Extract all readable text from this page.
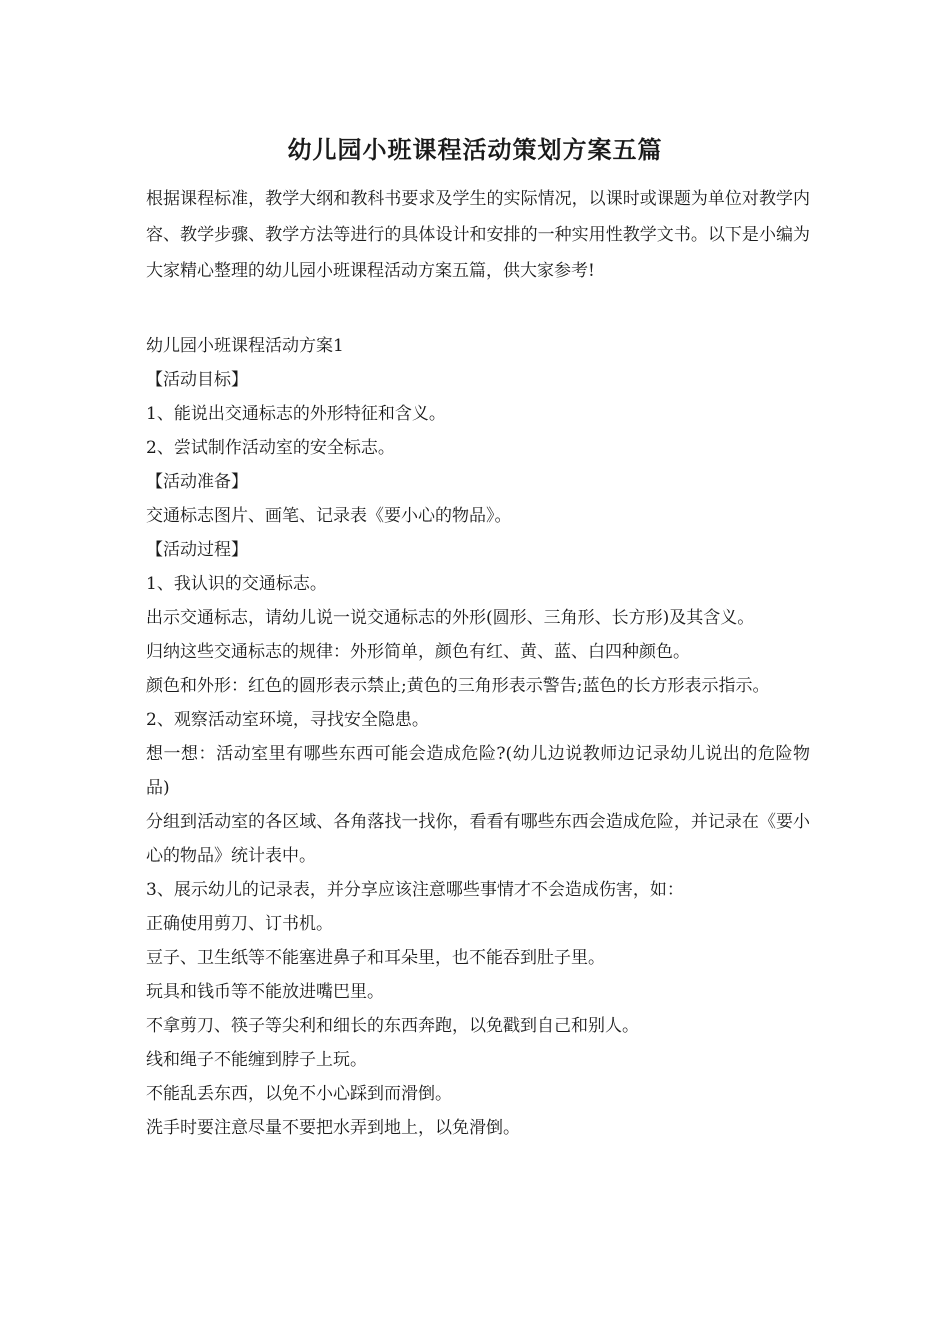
幼儿园小班课程活动策划方案五篇

根据课程标准，教学大纲和教科书要求及学生的实际情况，以课时或课题为单位对教学内容、教学步骤、教学方法等进行的具体设计和安排的一种实用性教学文书。以下是小编为大家精心整理的幼儿园小班课程活动方案五篇，供大家参考!

幼儿园小班课程活动方案1

【活动目标】

1、能说出交通标志的外形特征和含义。

2、尝试制作活动室的安全标志。

【活动准备】

交通标志图片、画笔、记录表《要小心的物品》。

【活动过程】

1、我认识的交通标志。

出示交通标志，请幼儿说一说交通标志的外形(圆形、三角形、长方形)及其含义。

归纳这些交通标志的规律：外形简单，颜色有红、黄、蓝、白四种颜色。

颜色和外形：红色的圆形表示禁止;黄色的三角形表示警告;蓝色的长方形表示指示。

2、观察活动室环境，寻找安全隐患。

想一想：活动室里有哪些东西可能会造成危险?(幼儿边说教师边记录幼儿说出的危险物品)

分组到活动室的各区域、各角落找一找你，看看有哪些东西会造成危险，并记录在《要小心的物品》统计表中。

3、展示幼儿的记录表，并分享应该注意哪些事情才不会造成伤害，如：

正确使用剪刀、订书机。

豆子、卫生纸等不能塞进鼻子和耳朵里，也不能吞到肚子里。

玩具和钱币等不能放进嘴巴里。

不拿剪刀、筷子等尖利和细长的东西奔跑，以免戳到自己和别人。

线和绳子不能缠到脖子上玩。

不能乱丢东西，以免不小心踩到而滑倒。

洗手时要注意尽量不要把水弄到地上，以免滑倒。
